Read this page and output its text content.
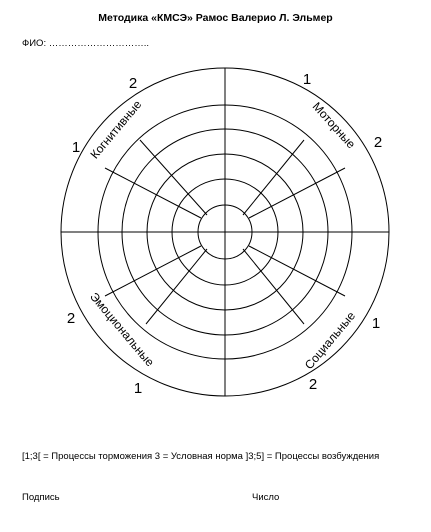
Методика «КМСЭ» Рамос Валерио Л. Эльмер
ФИО: …………………………..
1
2	1
2
1
2
2
1
Когнитивные	Моторные
Социальные
Эмоциональные
[1;3[ = Процессы торможения 3 = Условная норма ]3;5] = Процессы возбуждения
Подпись	Число
